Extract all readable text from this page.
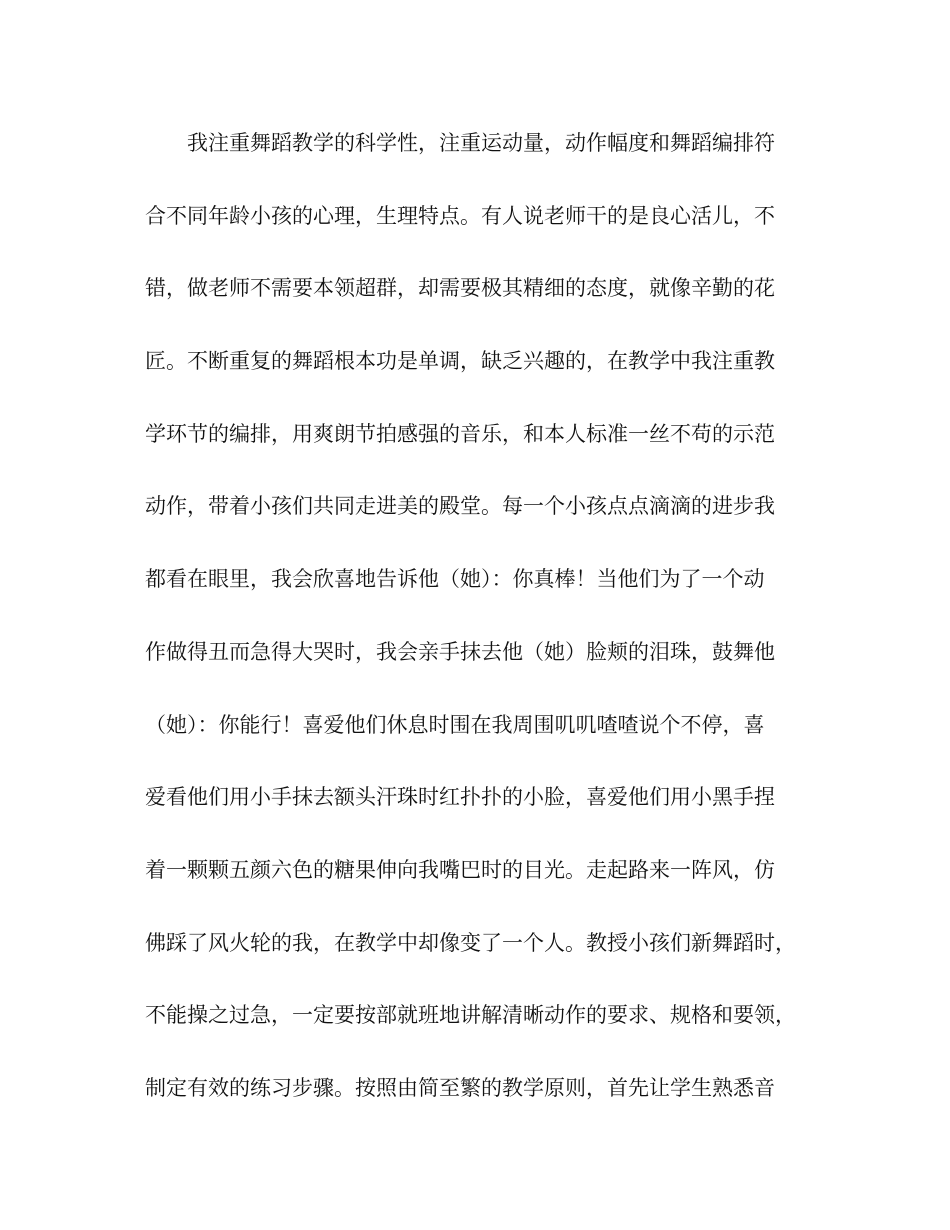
我注重舞蹈教学的科学性，注重运动量，动作幅度和舞蹈编排符
合不同年龄小孩的心理，生理特点。有人说老师干的是良心活儿，不
错，做老师不需要本领超群，却需要极其精细的态度，就像辛勤的花
匠。不断重复的舞蹈根本功是单调，缺乏兴趣的，在教学中我注重教
学环节的编排，用爽朗节拍感强的音乐，和本人标准一丝不苟的示范
动作，带着小孩们共同走进美的殿堂。每一个小孩点点滴滴的进步我
都看在眼里，我会欣喜地告诉他（她）：你真棒！当他们为了一个动
作做得丑而急得大哭时，我会亲手抹去他（她）脸颊的泪珠，鼓舞他
（她）：你能行！喜爱他们休息时围在我周围叽叽喳喳说个不停，喜
爱看他们用小手抹去额头汗珠时红扑扑的小脸，喜爱他们用小黑手捏
着一颗颗五颜六色的糖果伸向我嘴巴时的目光。走起路来一阵风，仿
佛踩了风火轮的我，在教学中却像变了一个人。教授小孩们新舞蹈时，
不能操之过急，一定要按部就班地讲解清晰动作的要求、规格和要领，
制定有效的练习步骤。按照由简至繁的教学原则，首先让学生熟悉音
